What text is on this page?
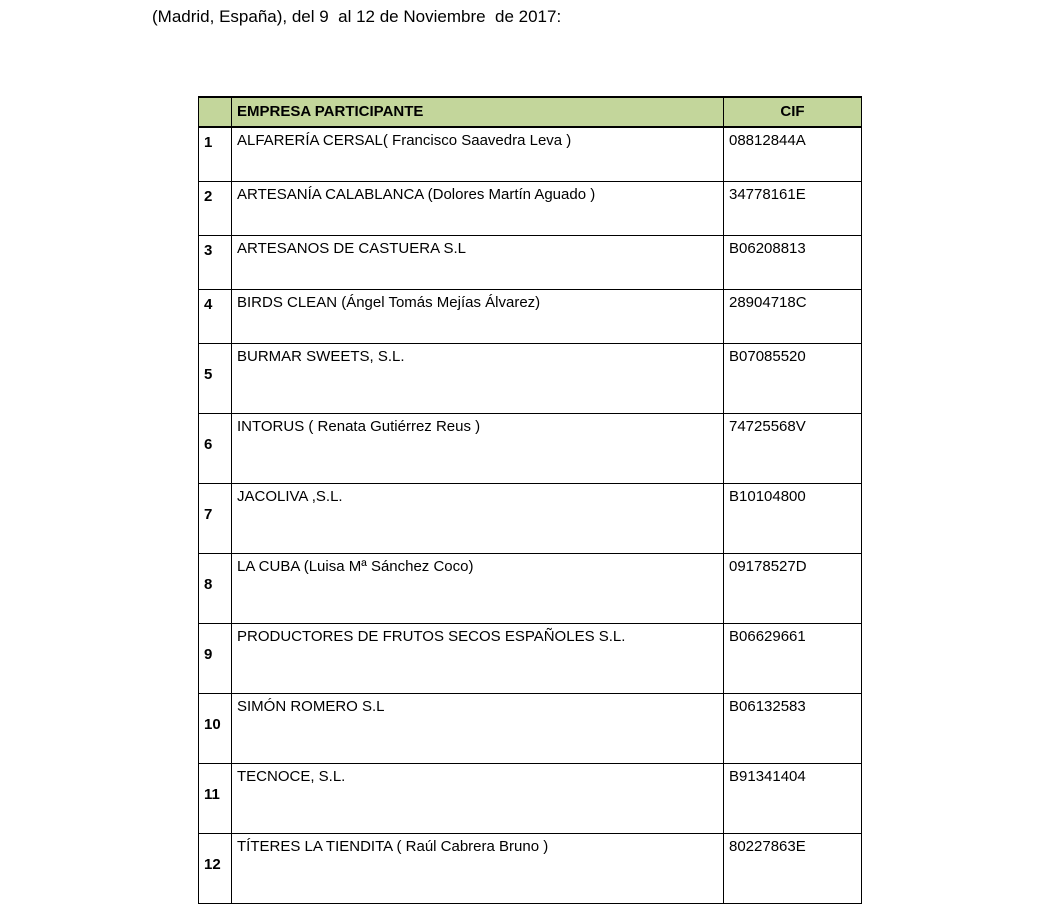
(Madrid, España), del 9  al 12 de Noviembre  de 2017:

	EMPRESA PARTICIPANTE	CIF
1	ALFARERÍA CERSAL( Francisco Saavedra Leva )	08812844A
2	ARTESANÍA CALABLANCA (Dolores Martín Aguado )	34778161E
3	ARTESANOS DE CASTUERA S.L	B06208813
4	BIRDS CLEAN (Ángel Tomás Mejías Álvarez)	28904718C
5	BURMAR SWEETS, S.L.	B07085520
6	INTORUS ( Renata Gutiérrez Reus )	74725568V
7	JACOLIVA ,S.L.	B10104800
8	LA CUBA (Luisa Mª Sánchez Coco)	09178527D
9	PRODUCTORES DE FRUTOS SECOS ESPAÑOLES S.L.	B06629661
10	SIMÓN ROMERO S.L	B06132583
11	TECNOCE, S.L.	B91341404
12	TÍTERES LA TIENDITA ( Raúl Cabrera Bruno )	80227863E
